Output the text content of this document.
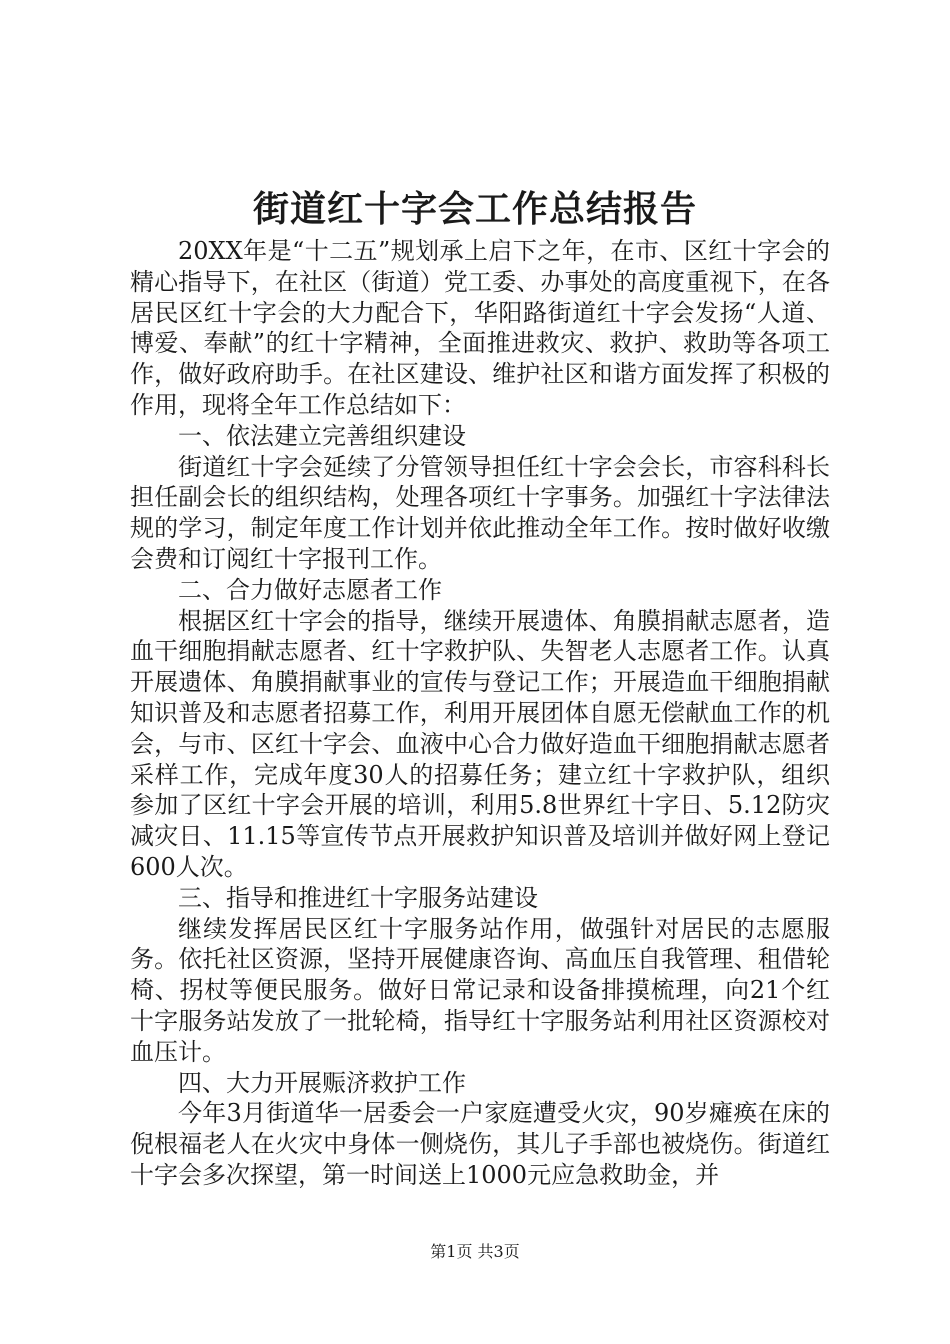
街道红十字会工作总结报告

20XX年是“十二五”规划承上启下之年，在市、区红十字会的精心指导下，在社区（街道）党工委、办事处的高度重视下，在各居民区红十字会的大力配合下，华阳路街道红十字会发扬“人道、博爱、奉献”的红十字精神，全面推进救灾、救护、救助等各项工作，做好政府助手。在社区建设、维护社区和谐方面发挥了积极的作用，现将全年工作总结如下：

一、依法建立完善组织建设

街道红十字会延续了分管领导担任红十字会会长，市容科科长担任副会长的组织结构，处理各项红十字事务。加强红十字法律法规的学习，制定年度工作计划并依此推动全年工作。按时做好收缴会费和订阅红十字报刊工作。

二、合力做好志愿者工作

根据区红十字会的指导，继续开展遗体、角膜捐献志愿者，造血干细胞捐献志愿者、红十字救护队、失智老人志愿者工作。认真开展遗体、角膜捐献事业的宣传与登记工作；开展造血干细胞捐献知识普及和志愿者招募工作，利用开展团体自愿无偿献血工作的机会，与市、区红十字会、血液中心合力做好造血干细胞捐献志愿者采样工作，完成年度30人的招募任务；建立红十字救护队，组织参加了区红十字会开展的培训，利用5.8世界红十字日、5.12防灾减灾日、11.15等宣传节点开展救护知识普及培训并做好网上登记600人次。

三、指导和推进红十字服务站建设

继续发挥居民区红十字服务站作用，做强针对居民的志愿服务。依托社区资源，坚持开展健康咨询、高血压自我管理、租借轮椅、拐杖等便民服务。做好日常记录和设备排摸梳理，向21个红十字服务站发放了一批轮椅，指导红十字服务站利用社区资源校对血压计。

四、大力开展赈济救护工作

今年3月街道华一居委会一户家庭遭受火灾，90岁瘫痪在床的倪根福老人在火灾中身体一侧烧伤，其儿子手部也被烧伤。街道红十字会多次探望，第一时间送上1000元应急救助金，并

第1页 共3页
